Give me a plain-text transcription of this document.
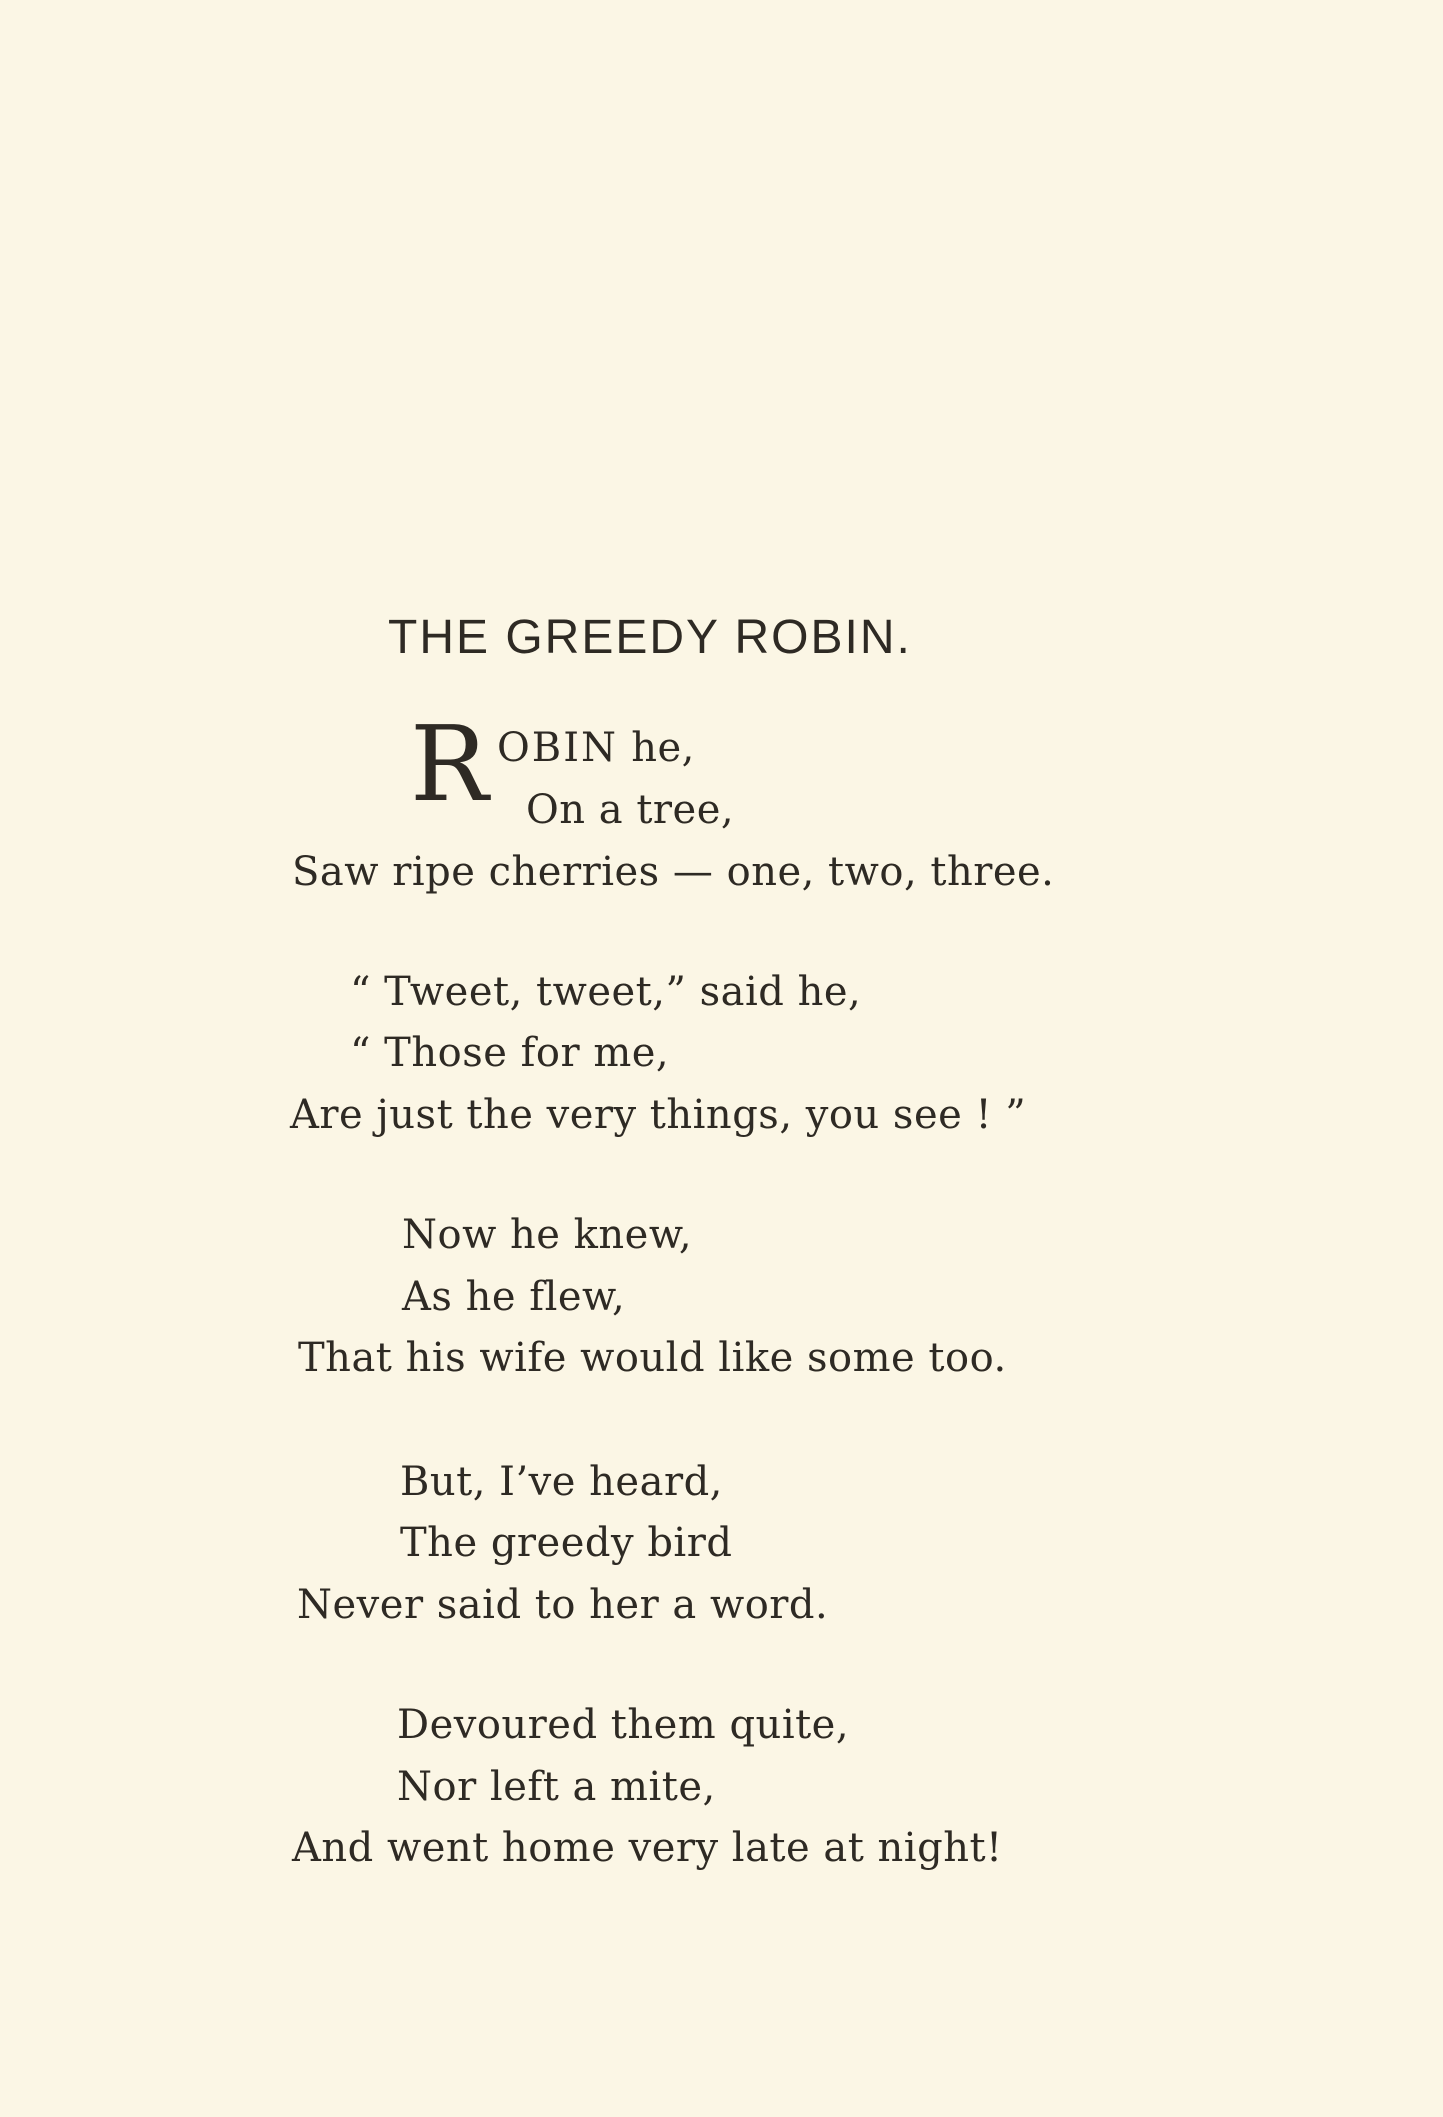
THE GREEDY ROBIN.
R OBIN he,

On a tree,

Saw ripe cherries — one, two, three.

“ Tweet, tweet,” said he,

“ Those for me,

Are just the very things, you see ! ”

Now he knew,

As he flew,

That his wife would like some too.

But, I’ve heard,

The greedy bird

Never said to her a word.

Devoured them quite,

Nor left a mite,

And went home very late at night!
